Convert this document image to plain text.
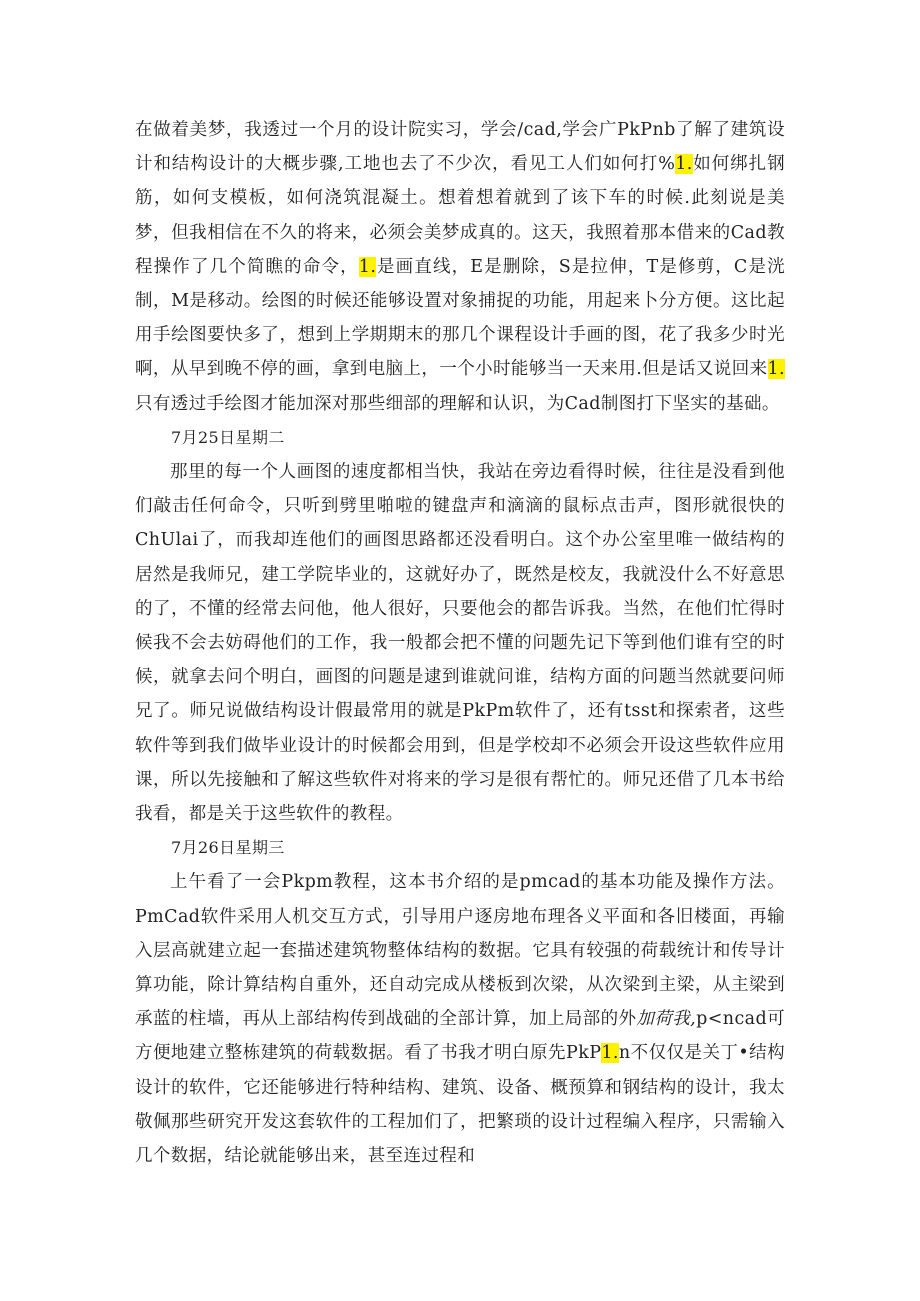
在做着美梦，我透过一个月的设计院实习，学会∕cad,学会广PkPnb了解了建筑设计和结构设计的大概步骤,工地也去了不少次，看见工人们如何打%1.如何绑扎钢筋，如何支模板，如何浇筑混凝土。想着想着就到了该下车的时候.此刻说是美梦，但我相信在不久的将来，必须会美梦成真的。这天，我照着那本借来的Cad教程操作了几个简瞧的命令，1.是画直线，E是删除，S是拉伸，T是修剪，C是洸制，M是移动。绘图的时候还能够设置对象捕捉的功能，用起来卜分方便。这比起用手绘图要快多了，想到上学期期末的那几个课程设计手画的图，花了我多少时光啊，从早到晚不停的画，拿到电脑上，一个小时能够当一天来用.但是话又说回来1.只有透过手绘图才能加深对那些细部的理解和认识，为Cad制图打下坚实的基础。

7月25日星期二

那里的每一个人画图的速度都相当快，我站在旁边看得时候，往往是没看到他们敲击任何命令，只听到劈里啪啦的键盘声和滴滴的鼠标点击声，图形就很快的ChUlai了，而我却连他们的画图思路都还没看明白。这个办公室里唯一做结构的居然是我师兄，建工学院毕业的，这就好办了，既然是校友，我就没什么不好意思的了，不懂的经常去问他，他人很好，只要他会的都告诉我。当然，在他们忙得时候我不会去妨碍他们的工作，我一般都会把不懂的问题先记下等到他们谁有空的时候，就拿去问个明白，画图的问题是逮到谁就问谁，结构方面的问题当然就要问师兄了。师兄说做结构设计假最常用的就是PkPm软件了，还有tsst和探索者，这些软件等到我们做毕业设计的时候都会用到，但是学校却不必须会开设这些软件应用课，所以先接触和了解这些软件对将来的学习是很有帮忙的。师兄还借了几本书给我看，都是关于这些软件的教程。

7月26日星期三

上午看了一会Pkpm教程，这本书介绍的是pmcad的基本功能及操作方法。PmCad软件采用人机交互方式，引导用户逐房地布理各义平面和各旧楼面，再输入层高就建立起一套描述建筑物整体结构的数据。它具有较强的荷载统计和传导计算功能，除计算结构自重外，还自动完成从楼板到次梁，从次梁到主梁，从主梁到承蓝的柱墙，再从上部结构传到战础的全部计算，加上局部的外加荷我,p<ncad可方便地建立整栋建筑的荷载数据。看了书我才明白原先PkP1.n不仅仅是关丁•结构设计的软件，它还能够进行特种结构、建筑、设备、概预算和钢结构的设计，我太敬佩那些研究开发这套软件的工程加们了，把繁琐的设计过程编入程序，只需输入几个数据，结论就能够出来，甚至连过程和
